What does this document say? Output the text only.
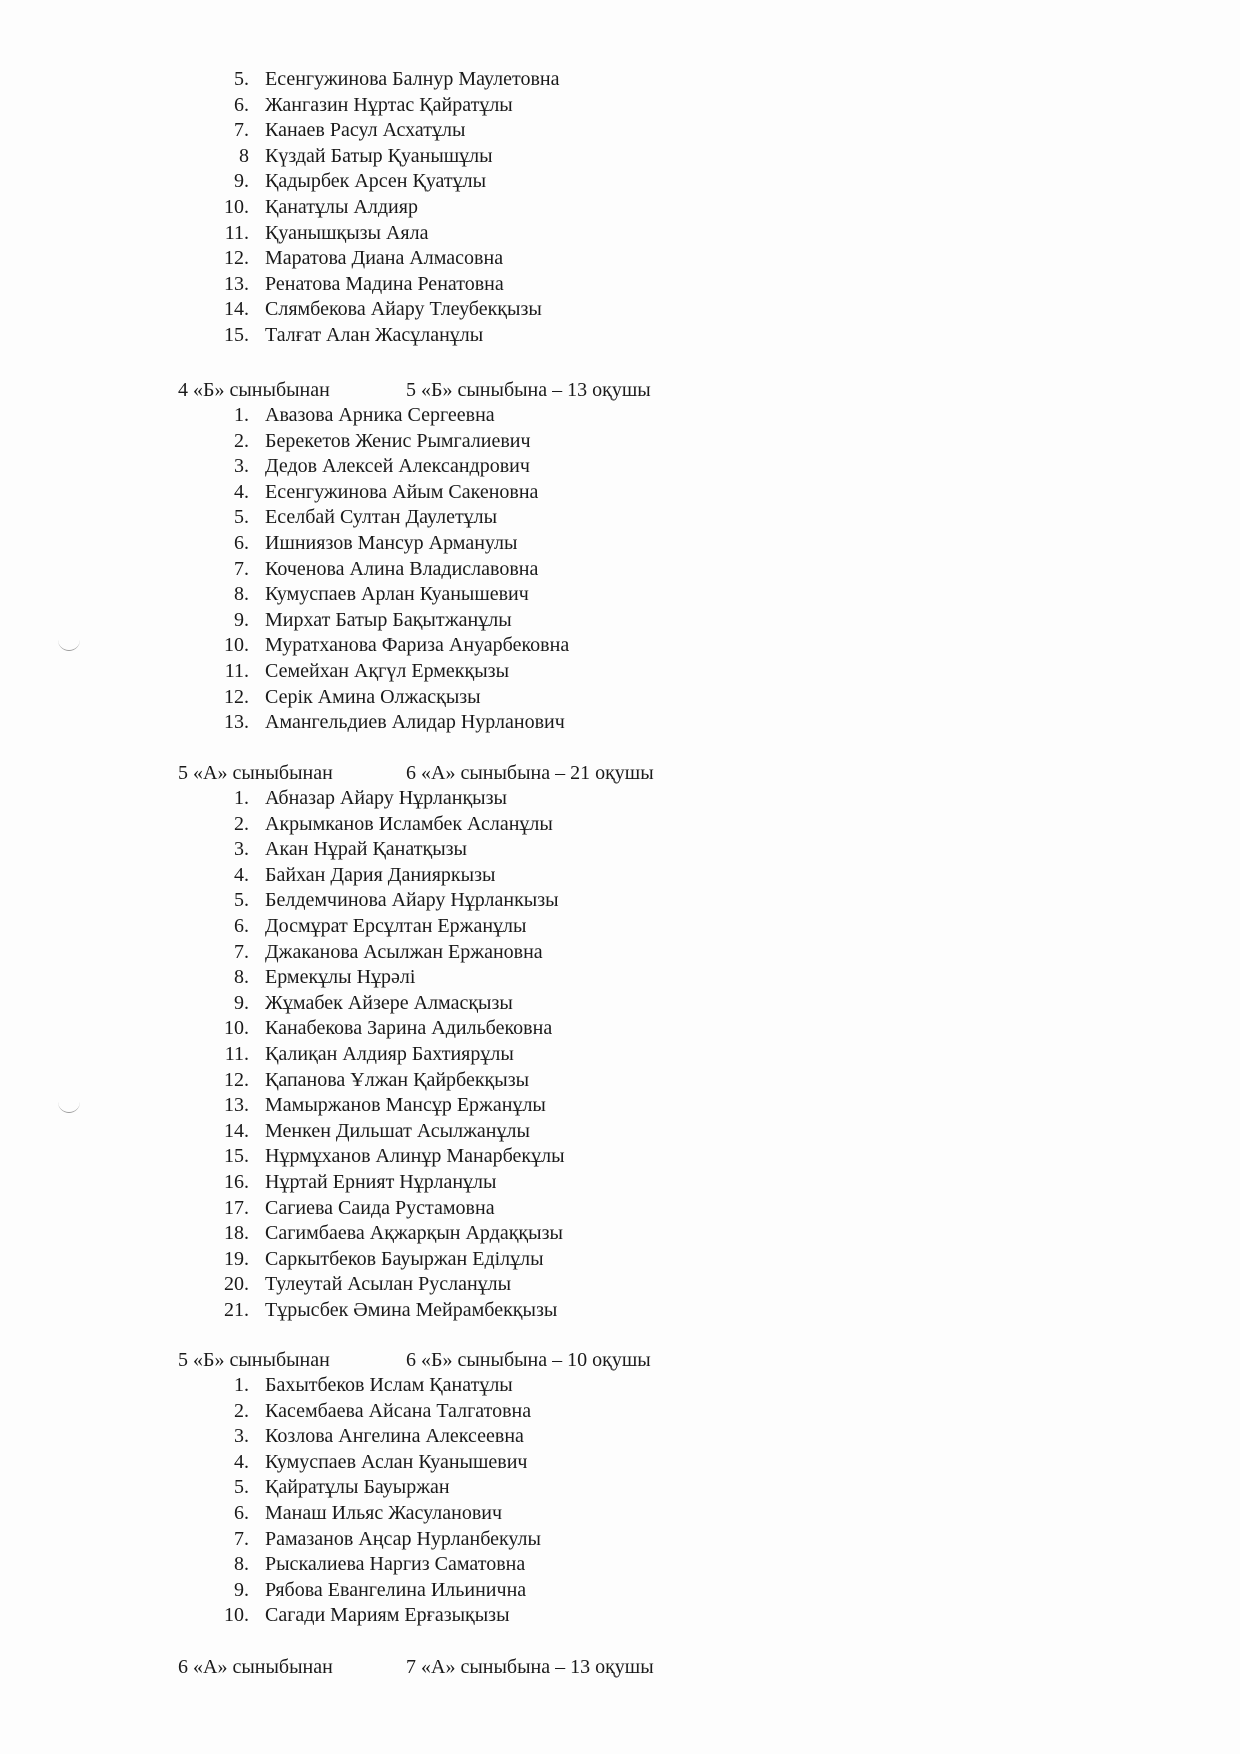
5. Есенгужинова Балнур Маулетовна
6. Жангазин Нұртас Қайратұлы
7. Канаев Расул Асхатұлы
8 Күздай Батыр Қуанышұлы
9. Қадырбек Арсен Қуатұлы
10. Қанатұлы Алдияр
11. Қуанышқызы Аяла
12. Маратова Диана Алмасовна
13. Ренатова Мадина Ренатовна
14. Слямбекова Айару Тлеубекқызы
15. Талғат Алан Жасұланұлы
4 «Б» сыныбынан	5 «Б» сыныбына – 13 оқушы
1. Авазова Арника Сергеевна
2. Берекетов Женис Рымгалиевич
3. Дедов Алексей Александрович
4. Есенгужинова Айым Сакеновна
5. Еселбай Султан Даулетұлы
6. Ишниязов Мансур Арманулы
7. Коченова Алина Владиславовна
8. Кумуспаев Арлан Куанышевич
9. Мирхат Батыр Бақытжанұлы
10. Муратханова Фариза Ануарбековна
11. Семейхан Ақгүл Ермекқызы
12. Серік Амина Олжасқызы
13. Амангельдиев Алидар Нурланович
5 «А» сыныбынан	6 «А» сыныбына – 21 оқушы
1. Абназар Айару Нұрланқызы
2. Акрымканов Исламбек Асланұлы
3. Акан Нұрай Қанатқызы
4. Байхан Дария Данияркызы
5. Белдемчинова Айару Нұрланкызы
6. Досмұрат Ерсұлтан Ержанұлы
7. Джаканова Асылжан Ержановна
8. Ермекұлы Нұрәлі
9. Жұмабек Айзере Алмасқызы
10. Канабекова Зарина Адильбековна
11. Қалиқан Алдияр Бахтиярұлы
12. Қапанова Ұлжан Қайрбекқызы
13. Мамыржанов Мансұр Ержанұлы
14. Менкен Дильшат Асылжанұлы
15. Нұрмұханов Алинұр Манарбекұлы
16. Нұртай Ерният Нұрланұлы
17. Сагиева Саида Рустамовна
18. Сагимбаева Ақжарқын Ардаққызы
19. Саркытбеков Бауыржан Еділұлы
20. Тулеутай Асылан Русланұлы
21. Тұрысбек Әмина Мейрамбекқызы
5 «Б» сыныбынан	6 «Б» сыныбына – 10 оқушы
1. Бахытбеков Ислам Қанатұлы
2. Касембаева Айсана Талгатовна
3. Козлова Ангелина Алексеевна
4. Кумуспаев Аслан Куанышевич
5. Қайратұлы Бауыржан
6. Манаш Ильяс Жасуланович
7. Рамазанов Аңсар Нурланбекулы
8. Рыскалиева Наргиз Саматовна
9. Рябова Евангелина Ильинична
10. Сагади Мариям Ерғазықызы
6 «А» сыныбынан	7 «А» сыныбына – 13 оқушы
